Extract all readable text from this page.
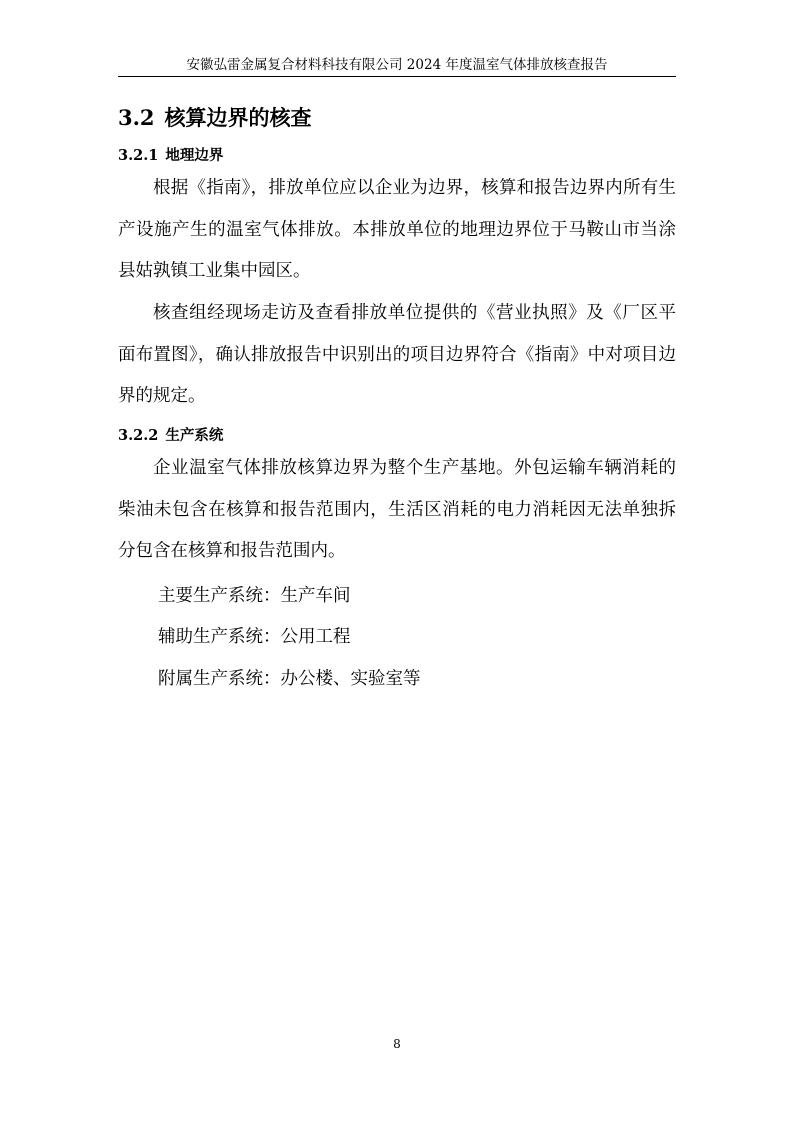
安徽弘雷金属复合材料科技有限公司 2024 年度温室气体排放核查报告
3.2 核算边界的核查
3.2.1 地理边界

根据《指南》，排放单位应以企业为边界，核算和报告边界内所有生产设施产生的温室气体排放。本排放单位的地理边界位于马鞍山市当涂县姑孰镇工业集中园区。

核查组经现场走访及查看排放单位提供的《营业执照》及《厂区平面布置图》，确认排放报告中识别出的项目边界符合《指南》中对项目边界的规定。

3.2.2 生产系统

企业温室气体排放核算边界为整个生产基地。外包运输车辆消耗的柴油未包含在核算和报告范围内，生活区消耗的电力消耗因无法单独拆分包含在核算和报告范围内。

主要生产系统：生产车间
辅助生产系统：公用工程
附属生产系统：办公楼、实验室等
8
